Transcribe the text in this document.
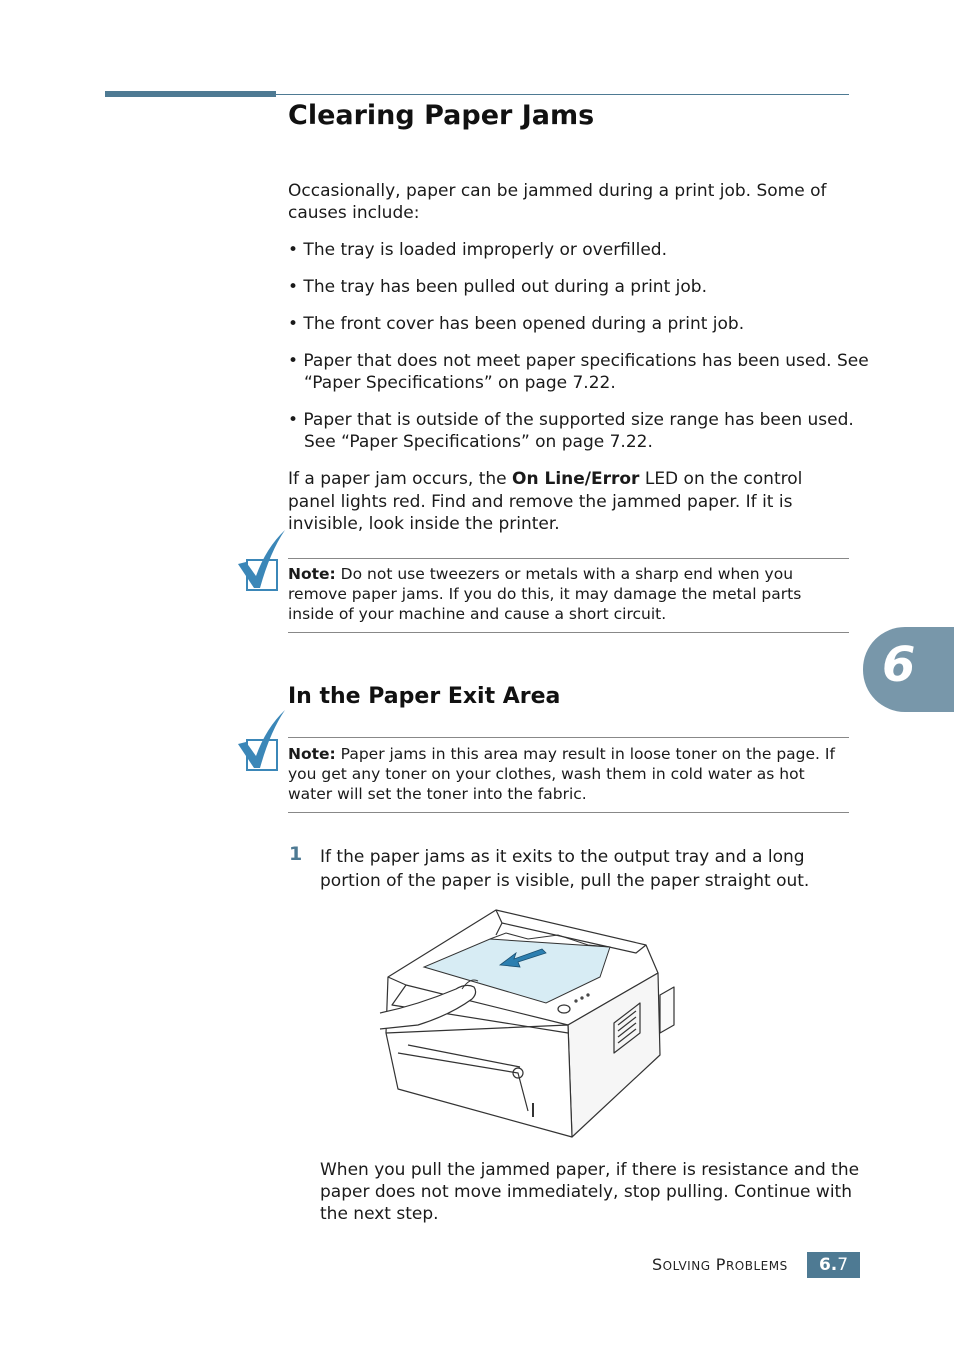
Clearing Paper Jams

Occasionally, paper can be jammed during a print job. Some of causes include:

• The tray is loaded improperly or overfilled.

• The tray has been pulled out during a print job.

• The front cover has been opened during a print job.

• Paper that does not meet paper specifications has been used. See “Paper Specifications” on page 7.22.

• Paper that is outside of the supported size range has been used. See “Paper Specifications” on page 7.22.

If a paper jam occurs, the On Line/Error LED on the control panel lights red. Find and remove the jammed paper. If it is invisible, look inside the printer.

Note: Do not use tweezers or metals with a sharp end when you remove paper jams. If you do this, it may damage the metal parts inside of your machine and cause a short circuit.

6
In the Paper Exit Area

Note: Paper jams in this area may result in loose toner on the page. If you get any toner on your clothes, wash them in cold water as hot water will set the toner into the fabric.

1 If the paper jams as it exits to the output tray and a long portion of the paper is visible, pull the paper straight out.

When you pull the jammed paper, if there is resistance and the paper does not move immediately, stop pulling. Continue with the next step.

SOLVING PROBLEMS	6.7
